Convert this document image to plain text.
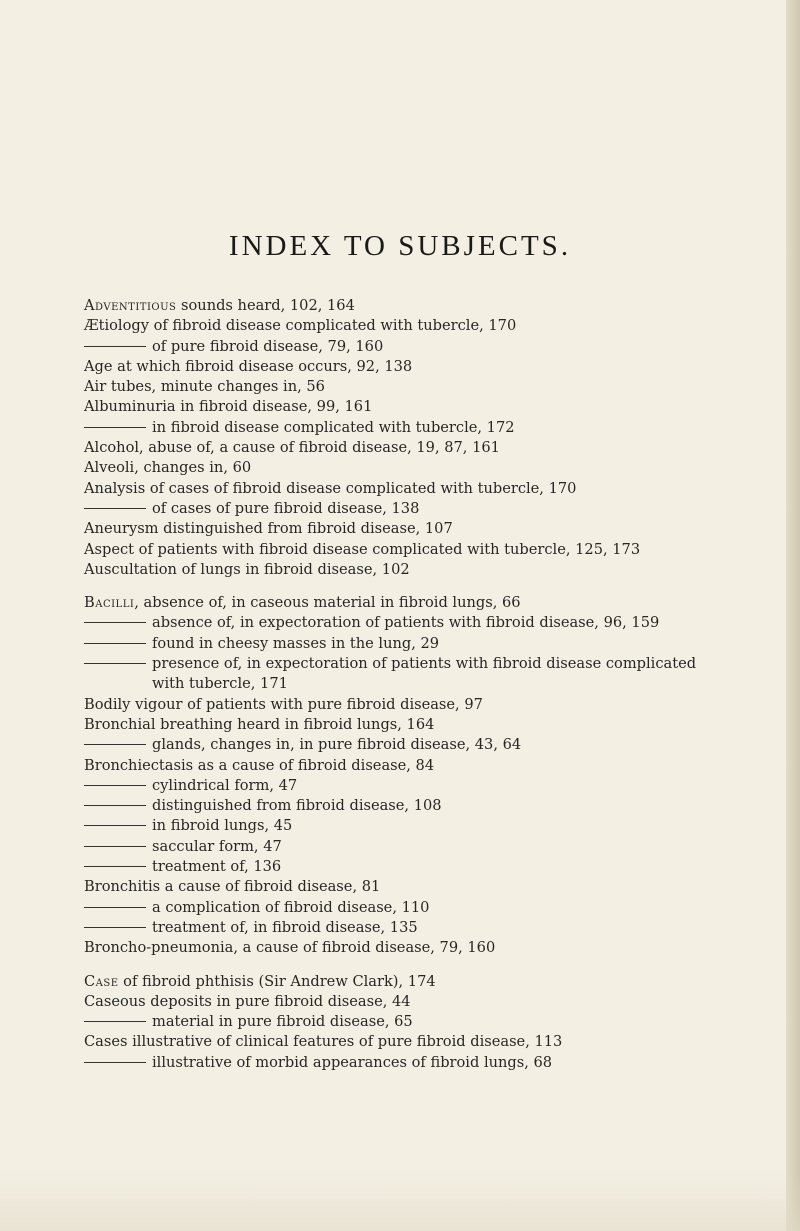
INDEX TO SUBJECTS.
Adventitious sounds heard, 102, 164
Ætiology of fibroid disease complicated with tubercle, 170
of pure fibroid disease, 79, 160
Age at which fibroid disease occurs, 92, 138
Air tubes, minute changes in, 56
Albuminuria in fibroid disease, 99, 161
in fibroid disease complicated with tubercle, 172
Alcohol, abuse of, a cause of fibroid disease, 19, 87, 161
Alveoli, changes in, 60
Analysis of cases of fibroid disease complicated with tubercle, 170
of cases of pure fibroid disease, 138
Aneurysm distinguished from fibroid disease, 107
Aspect of patients with fibroid disease complicated with tubercle, 125, 173
Auscultation of lungs in fibroid disease, 102
Bacilli, absence of, in caseous material in fibroid lungs, 66
absence of, in expectoration of patients with fibroid disease, 96, 159
found in cheesy masses in the lung, 29
presence of, in expectoration of patients with fibroid disease complicated
with tubercle, 171
Bodily vigour of patients with pure fibroid disease, 97
Bronchial breathing heard in fibroid lungs, 164
glands, changes in, in pure fibroid disease, 43, 64
Bronchiectasis as a cause of fibroid disease, 84
cylindrical form, 47
distinguished from fibroid disease, 108
in fibroid lungs, 45
saccular form, 47
treatment of, 136
Bronchitis a cause of fibroid disease, 81
a complication of fibroid disease, 110
treatment of, in fibroid disease, 135
Broncho-pneumonia, a cause of fibroid disease, 79, 160
Case of fibroid phthisis (Sir Andrew Clark), 174
Caseous deposits in pure fibroid disease, 44
material in pure fibroid disease, 65
Cases illustrative of clinical features of pure fibroid disease, 113
illustrative of morbid appearances of fibroid lungs, 68
